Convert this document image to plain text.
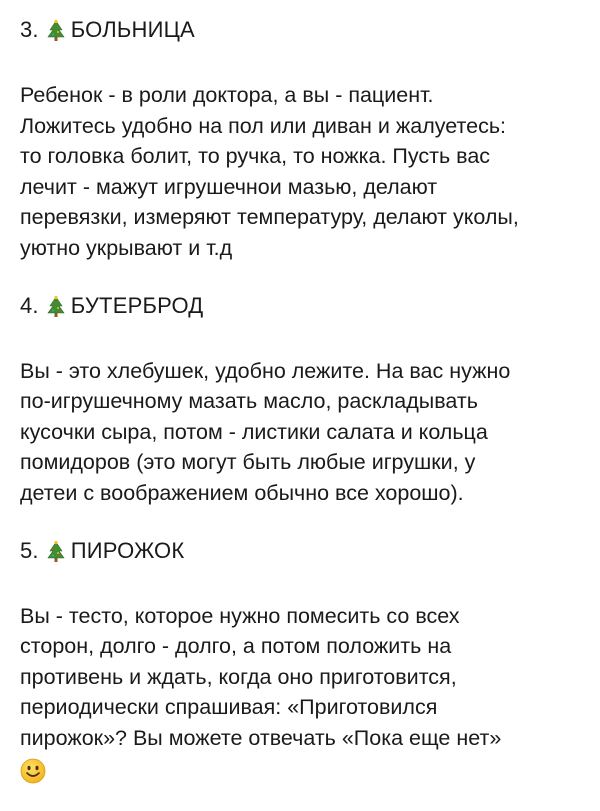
3. БОЛЬНИЦА

Ребенок - в роли доктора, а вы - пациент.
Ложитесь удобно на пол или диван и жалуетесь:
то головка болит, то ручка, то ножка. Пусть вас
лечит - мажут игрушечнои мазью, делают
перевязки, измеряют температуру, делают уколы,
уютно укрывают и т.д

4. БУТЕРБРОД

Вы - это хлебушек, удобно лежите. На вас нужно
по-игрушечному мазать масло, раскладывать
кусочки сыра, потом - листики салата и кольца
помидоров (это могут быть любые игрушки, у
детеи с воображением обычно все хорошо).

5. ПИРОЖОК

Вы - тесто, которое нужно помесить со всех
сторон, долго - долго, а потом положить на
противень и ждать, когда оно приготовится,
периодически спрашивая: «Приготовился
пирожок»? Вы можете отвечать «Пока еще нет»
